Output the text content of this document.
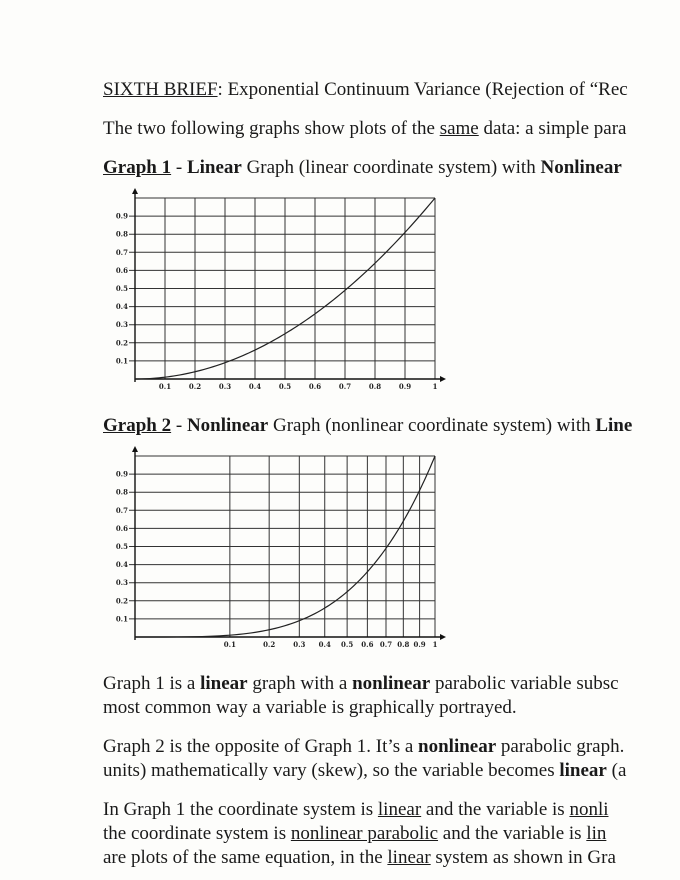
SIXTH BRIEF: Exponential Continuum Variance (Rejection of “Rec
The two following graphs show plots of the same data: a simple para
Graph 1 - Linear Graph (linear coordinate system) with Nonlinear
0.1	0.2	0.3	0.4	0.5	0.6	0.7	0.8	0.9	1
0.1
0.2
0.3
0.4
0.5
0.6
0.7
0.8
0.9
Graph 2 - Nonlinear Graph (nonlinear coordinate system) with Line
0.1	0.2	0.3 0.4 0.5 0.6 0.7 0.8 0.9 1
0.1
0.2
0.3
0.4
0.5
0.6
0.7
0.8
0.9
Graph 1 is a linear graph with a nonlinear parabolic variable subsc
most common way a variable is graphically portrayed.
Graph 2 is the opposite of Graph 1. It’s a nonlinear parabolic graph.
units) mathematically vary (skew), so the variable becomes linear (a
In Graph 1 the coordinate system is linear and the variable is nonli
the coordinate system is nonlinear parabolic and the variable is lin
are plots of the same equation, in the linear system as shown in Gra
